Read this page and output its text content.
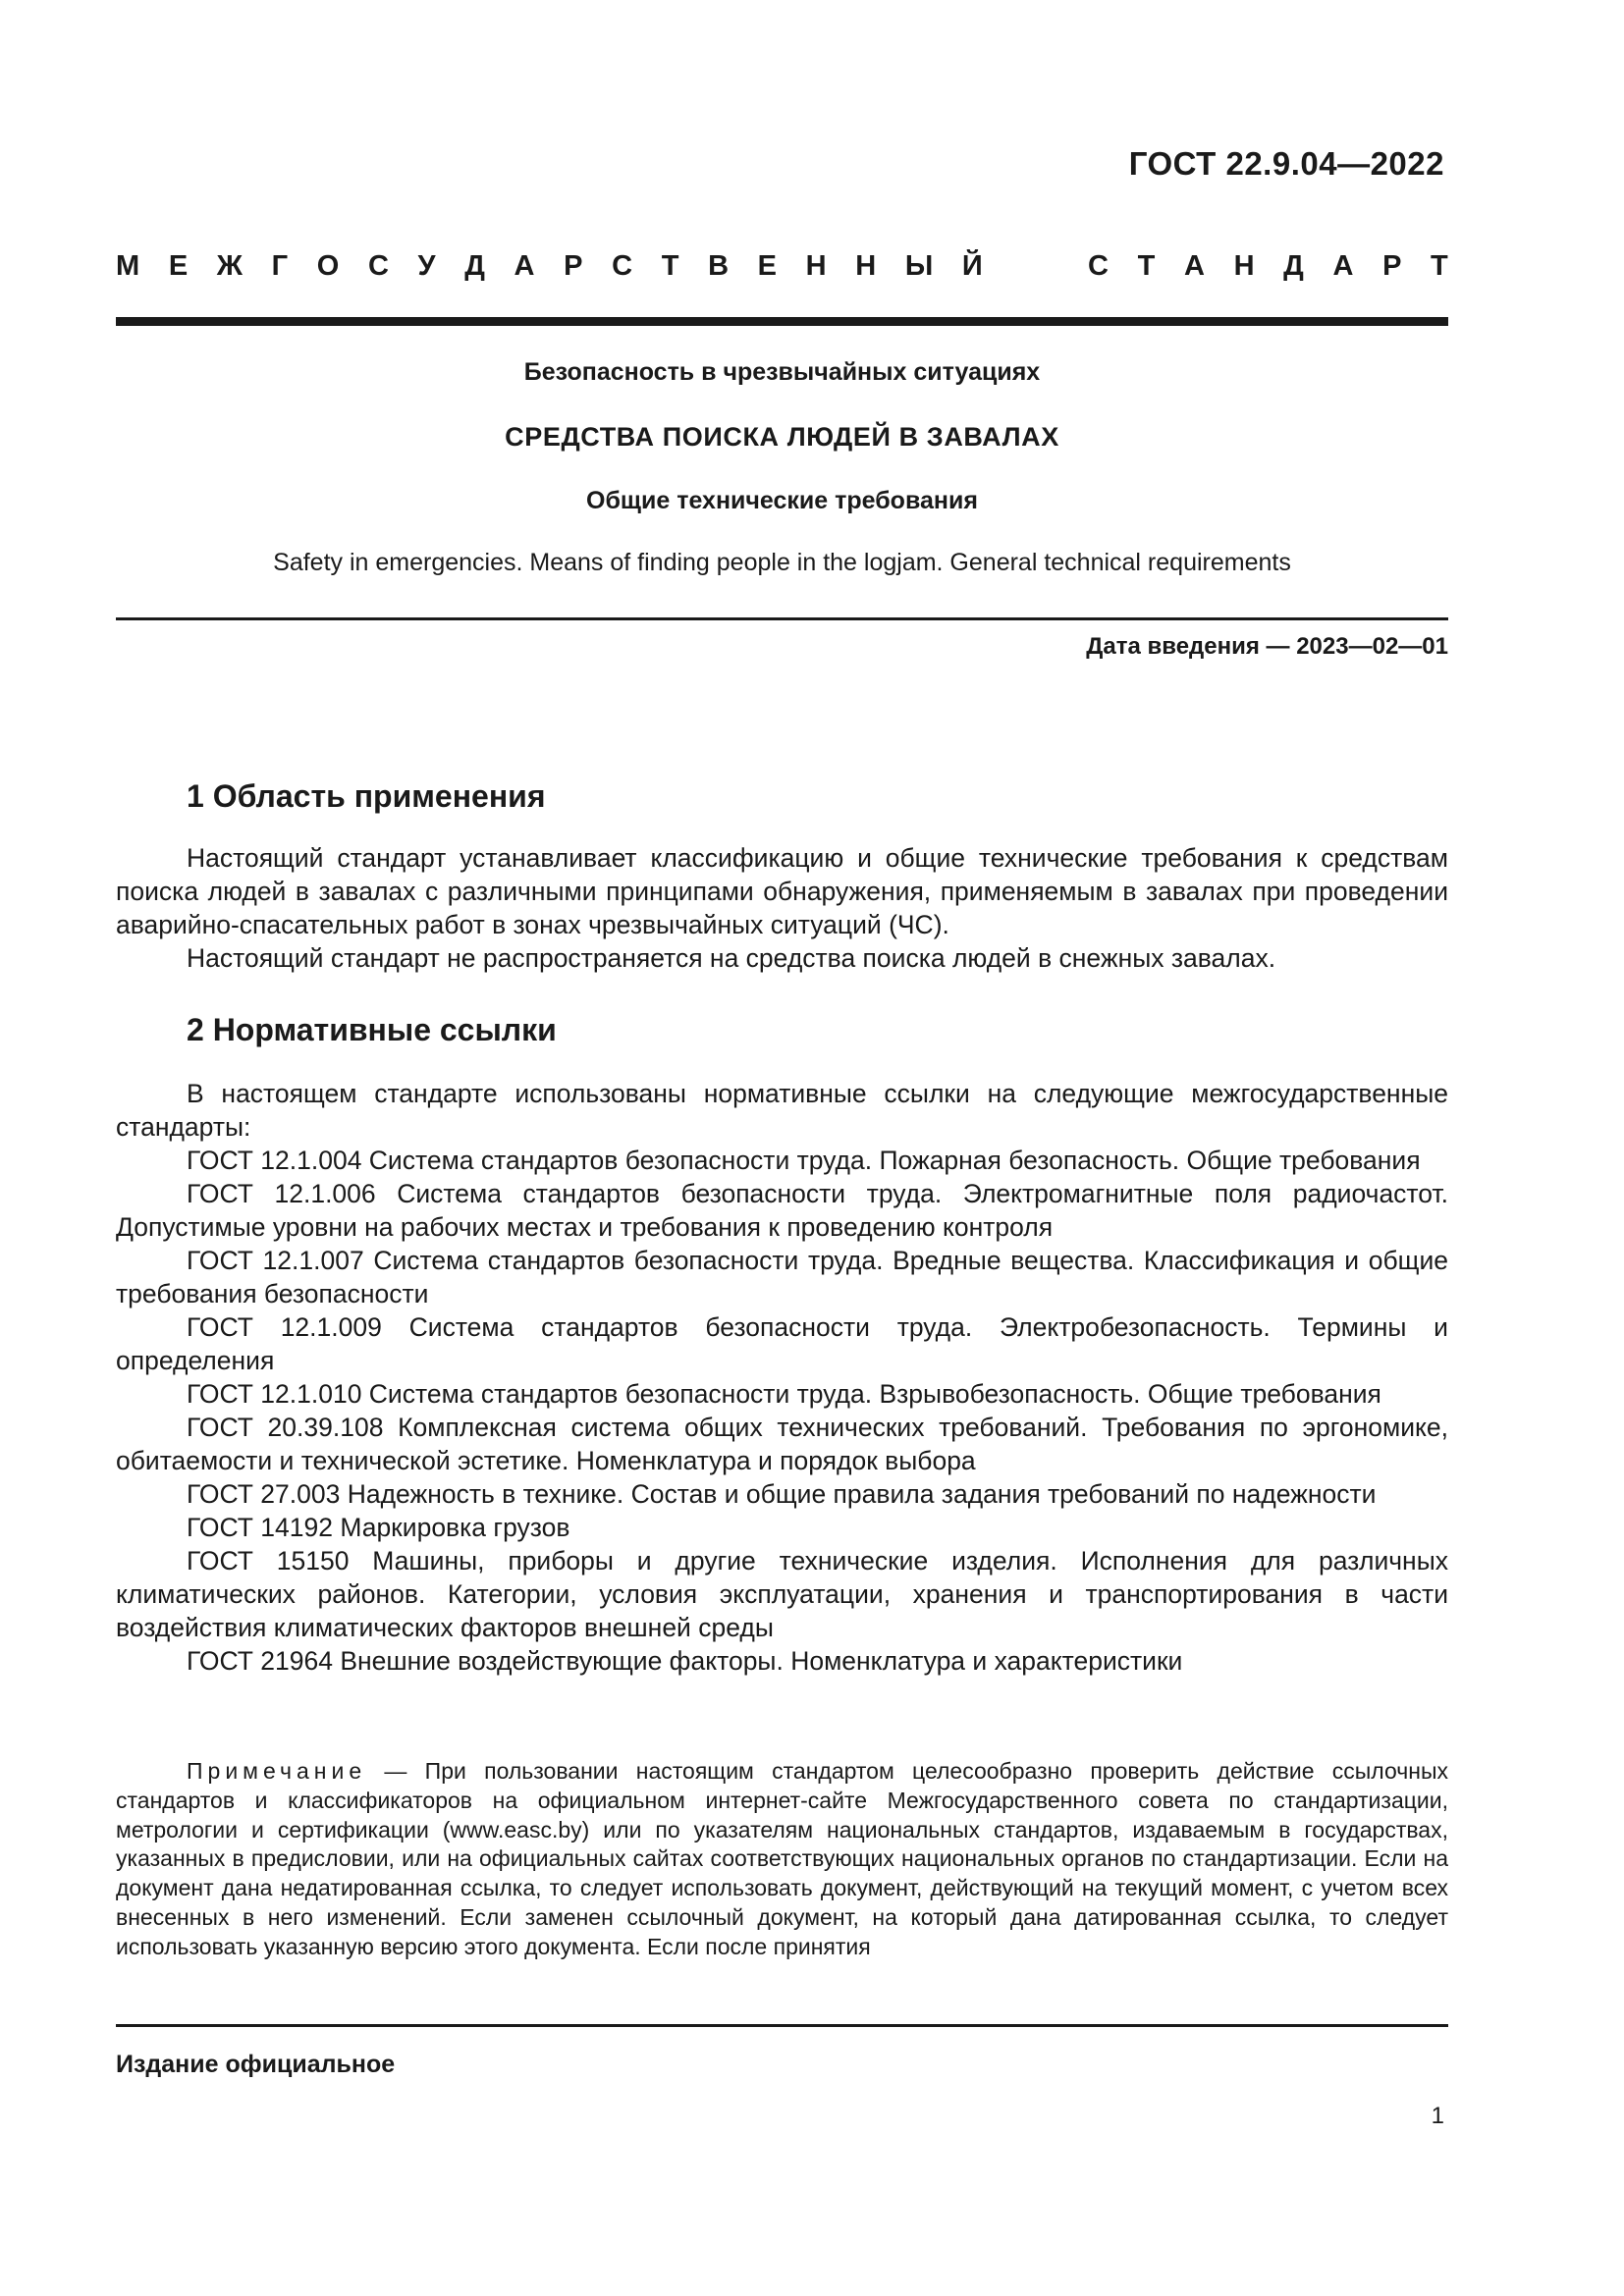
ГОСТ 22.9.04—2022
М Е Ж Г О С У Д А Р С Т В Е Н Н Ы Й	С Т А Н Д А Р Т
Безопасность в чрезвычайных ситуациях
СРЕДСТВА ПОИСКА ЛЮДЕЙ В ЗАВАЛАХ
Общие технические требования
Safety in emergencies. Means of finding people in the logjam. General technical requirements
Дата введения — 2023—02—01
1 Область применения

Настоящий стандарт устанавливает классификацию и общие технические требования к средствам поиска людей в завалах с различными принципами обнаружения, применяемым в завалах при проведении аварийно-спасательных работ в зонах чрезвычайных ситуаций (ЧС).

Настоящий стандарт не распространяется на средства поиска людей в снежных завалах.

2 Нормативные ссылки

В настоящем стандарте использованы нормативные ссылки на следующие межгосударственные стандарты:

ГОСТ 12.1.004 Система стандартов безопасности труда. Пожарная безопасность. Общие требования

ГОСТ 12.1.006 Система стандартов безопасности труда. Электромагнитные поля радиочастот. Допустимые уровни на рабочих местах и требования к проведению контроля

ГОСТ 12.1.007 Система стандартов безопасности труда. Вредные вещества. Классификация и общие требования безопасности

ГОСТ 12.1.009 Система стандартов безопасности труда. Электробезопасность. Термины и определения

ГОСТ 12.1.010 Система стандартов безопасности труда. Взрывобезопасность. Общие требования

ГОСТ 20.39.108 Комплексная система общих технических требований. Требования по эргономике, обитаемости и технической эстетике. Номенклатура и порядок выбора

ГОСТ 27.003 Надежность в технике. Состав и общие правила задания требований по надежности

ГОСТ 14192 Маркировка грузов

ГОСТ 15150 Машины, приборы и другие технические изделия. Исполнения для различных климатических районов. Категории, условия эксплуатации, хранения и транспортирования в части воздействия климатических факторов внешней среды

ГОСТ 21964 Внешние воздействующие факторы. Номенклатура и характеристики

Примечание — При пользовании настоящим стандартом целесообразно проверить действие ссылочных стандартов и классификаторов на официальном интернет-сайте Межгосударственного совета по стандартизации, метрологии и сертификации (www.easc.by) или по указателям национальных стандартов, издаваемым в государствах, указанных в предисловии, или на официальных сайтах соответствующих национальных органов по стандартизации. Если на документ дана недатированная ссылка, то следует использовать документ, действующий на текущий момент, с учетом всех внесенных в него изменений. Если заменен ссылочный документ, на который дана датированная ссылка, то следует использовать указанную версию этого документа. Если после принятия

Издание официальное
1
